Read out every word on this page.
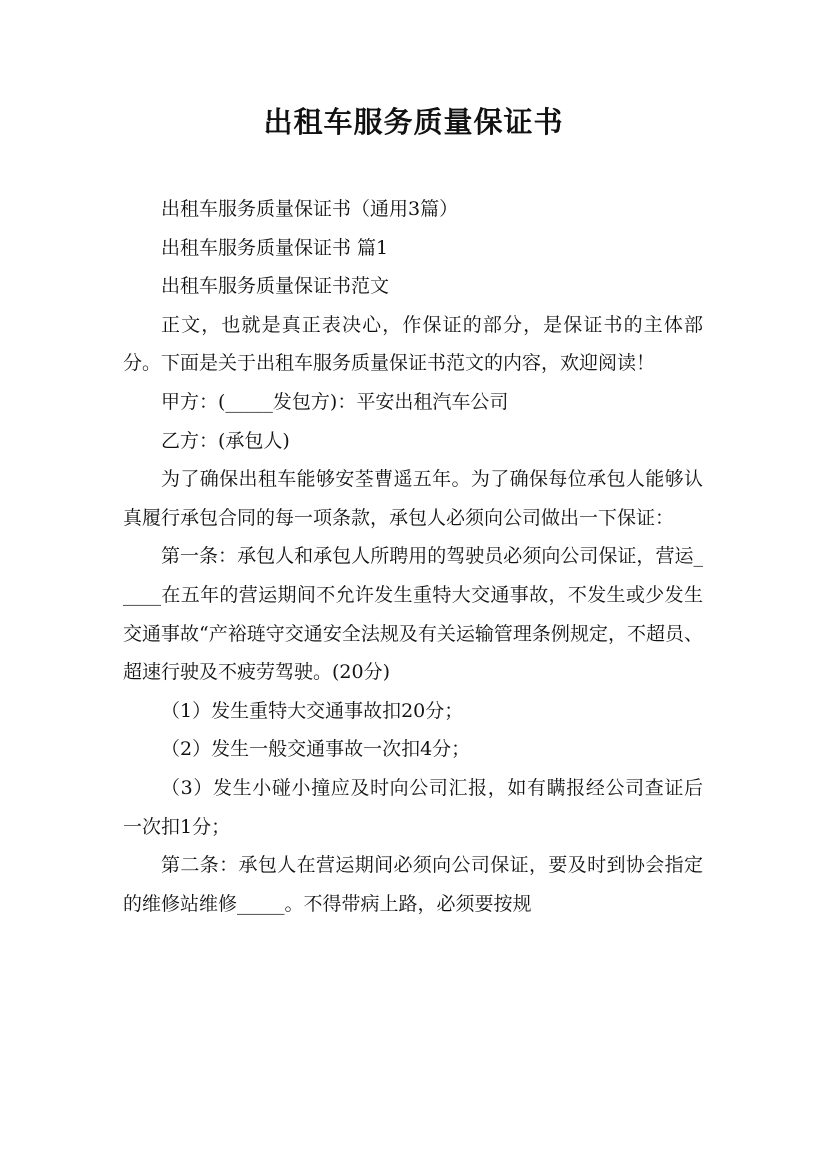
出租车服务质量保证书

出租车服务质量保证书（通用3篇）

出租车服务质量保证书 篇1

出租车服务质量保证书范文

正文，也就是真正表决心，作保证的部分，是保证书的主体部分。下面是关于出租车服务质量保证书范文的内容，欢迎阅读！

甲方：(_____发包方)：平安出租汽车公司

乙方：(承包人)

为了确保出租车能够安荃曹遥五年。为了确保每位承包人能够认真履行承包合同的每一项条款，承包人必须向公司做出一下保证：

第一条：承包人和承包人所聘用的驾驶员必须向公司保证，营运_____在五年的营运期间不允许发生重特大交通事故，不发生或少发生交通事故“产裕琏守交通安全法规及有关运输管理条例规定，不超员、超速行驶及不疲劳驾驶。(20分)

（1）发生重特大交通事故扣20分；

（2）发生一般交通事故一次扣4分；

（3）发生小碰小撞应及时向公司汇报，如有瞒报经公司查证后一次扣1分；

第二条：承包人在营运期间必须向公司保证，要及时到协会指定的维修站维修_____。不得带病上路，必须要按规
